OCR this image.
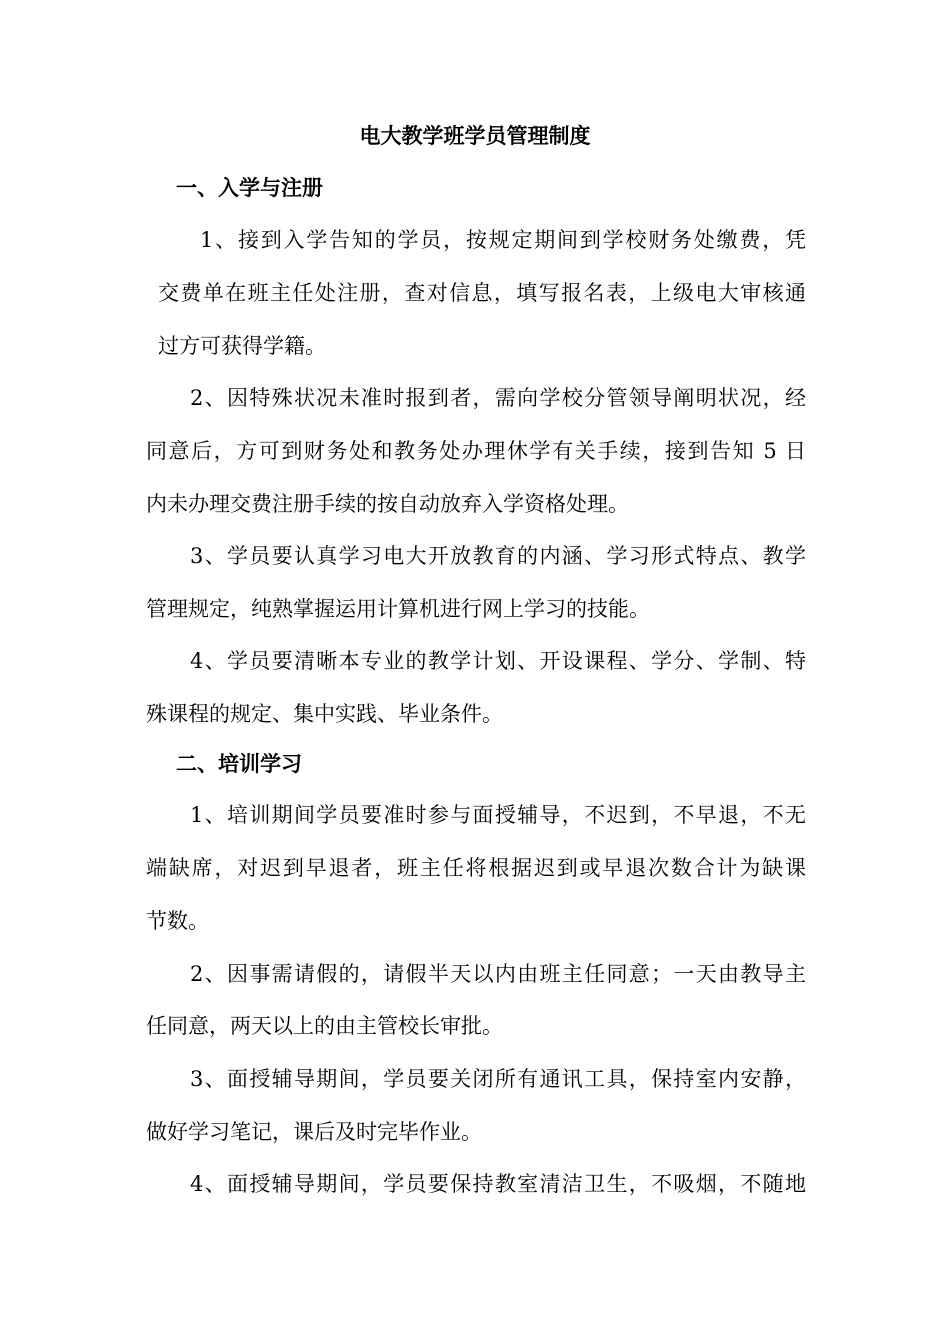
电大教学班学员管理制度
一、入学与注册

1、接到入学告知的学员，按规定期间到学校财务处缴费，凭

交费单在班主任处注册，查对信息，填写报名表，上级电大审核通

过方可获得学籍。

2、因特殊状况未准时报到者，需向学校分管领导阐明状况，经

同意后，方可到财务处和教务处办理休学有关手续，接到告知 5 日

内未办理交费注册手续的按自动放弃入学资格处理。

3、学员要认真学习电大开放教育的内涵、学习形式特点、教学

管理规定，纯熟掌握运用计算机进行网上学习的技能。

4、学员要清晰本专业的教学计划、开设课程、学分、学制、特

殊课程的规定、集中实践、毕业条件。

二、培训学习

1、培训期间学员要准时参与面授辅导，不迟到，不早退，不无

端缺席，对迟到早退者，班主任将根据迟到或早退次数合计为缺课

节数。

2、因事需请假的，请假半天以内由班主任同意；一天由教导主

任同意，两天以上的由主管校长审批。

3、面授辅导期间，学员要关闭所有通讯工具，保持室内安静，

做好学习笔记，课后及时完毕作业。

4、面授辅导期间，学员要保持教室清洁卫生，不吸烟，不随地
